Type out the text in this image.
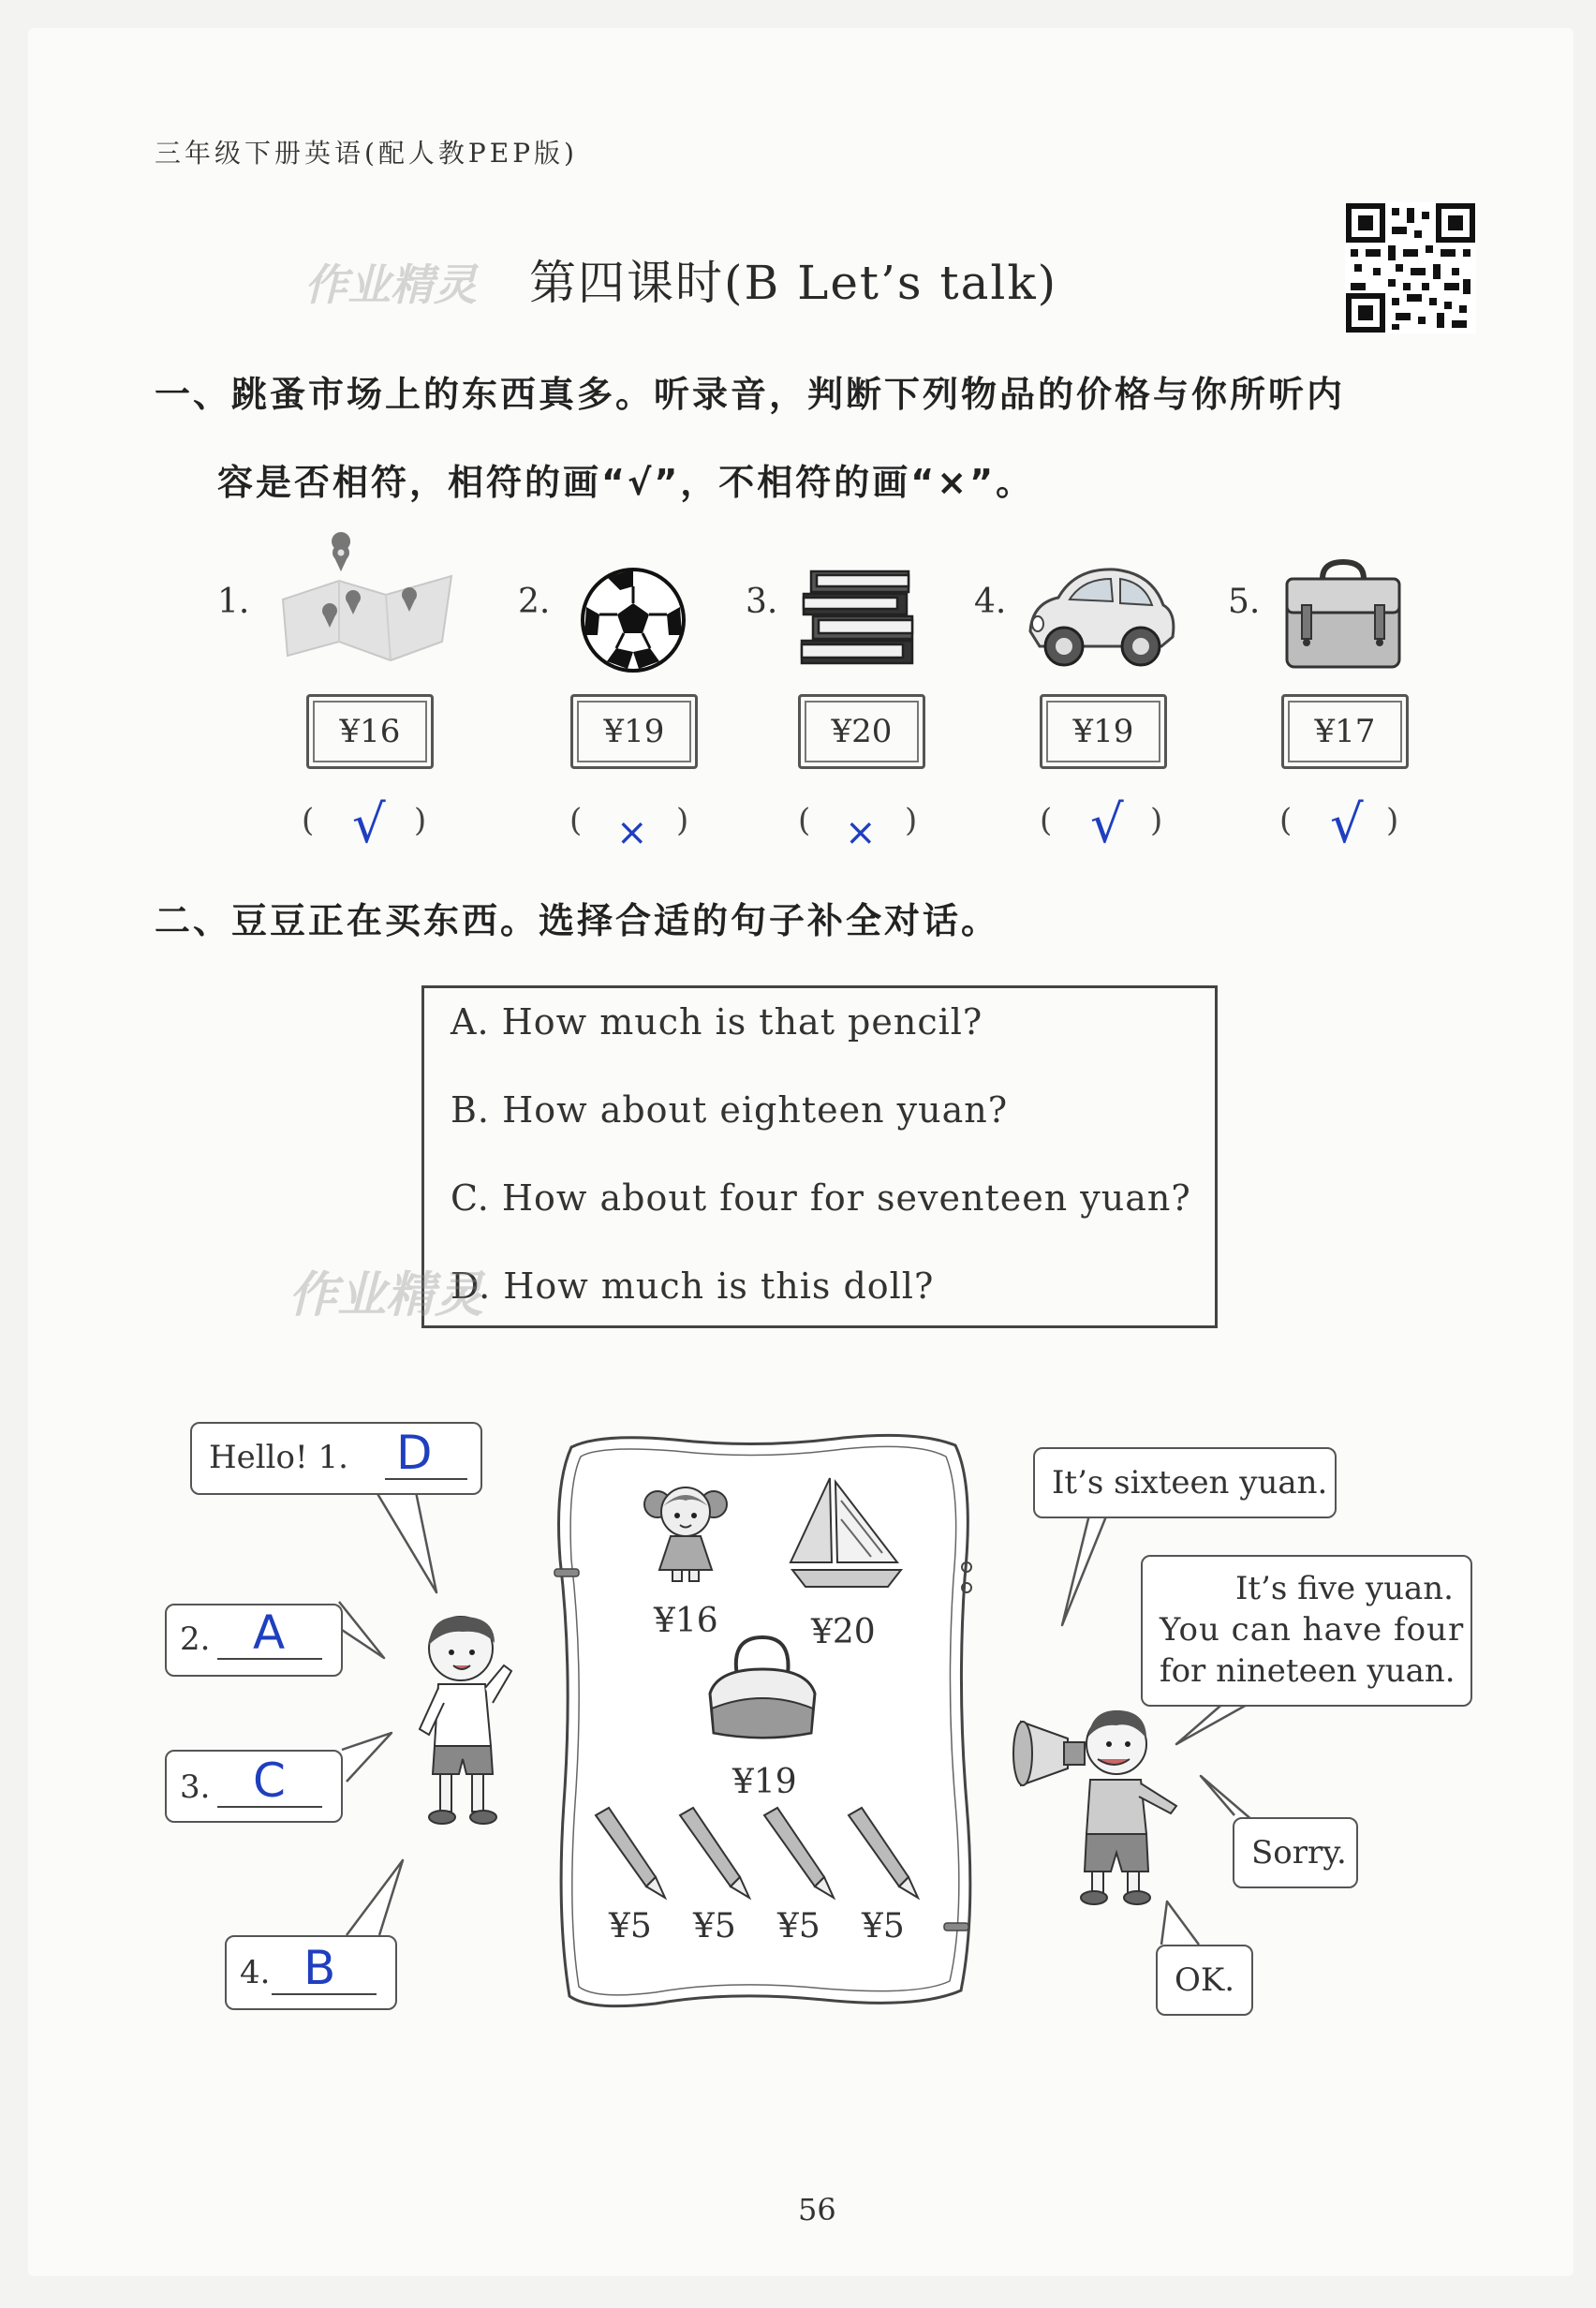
三年级下册英语(配人教PEP版)
作业精灵 第四课时(B Let’s talk)
一、跳蚤市场上的东西真多。听录音，判断下列物品的价格与你所听内
容是否相符，相符的画“√”，不相符的画“×”。
1.
¥16
( √ )
2.
¥19
( × )
3.
¥20
( × )
4.
¥19
( √ )
5.
¥17
( √ )
二、豆豆正在买东西。选择合适的句子补全对话。
A. How much is that pencil?
B. How about eighteen yuan?
C. How about four for seventeen yuan?
D. How much is this doll?
作业精灵
Hello! 1. D
2. A
3. C
4. B
It’s sixteen yuan.
It’s five yuan.
You can have four
for nineteen yuan.
Sorry.
OK.
¥16	¥20
¥19
¥5 ¥5 ¥5 ¥5
56
